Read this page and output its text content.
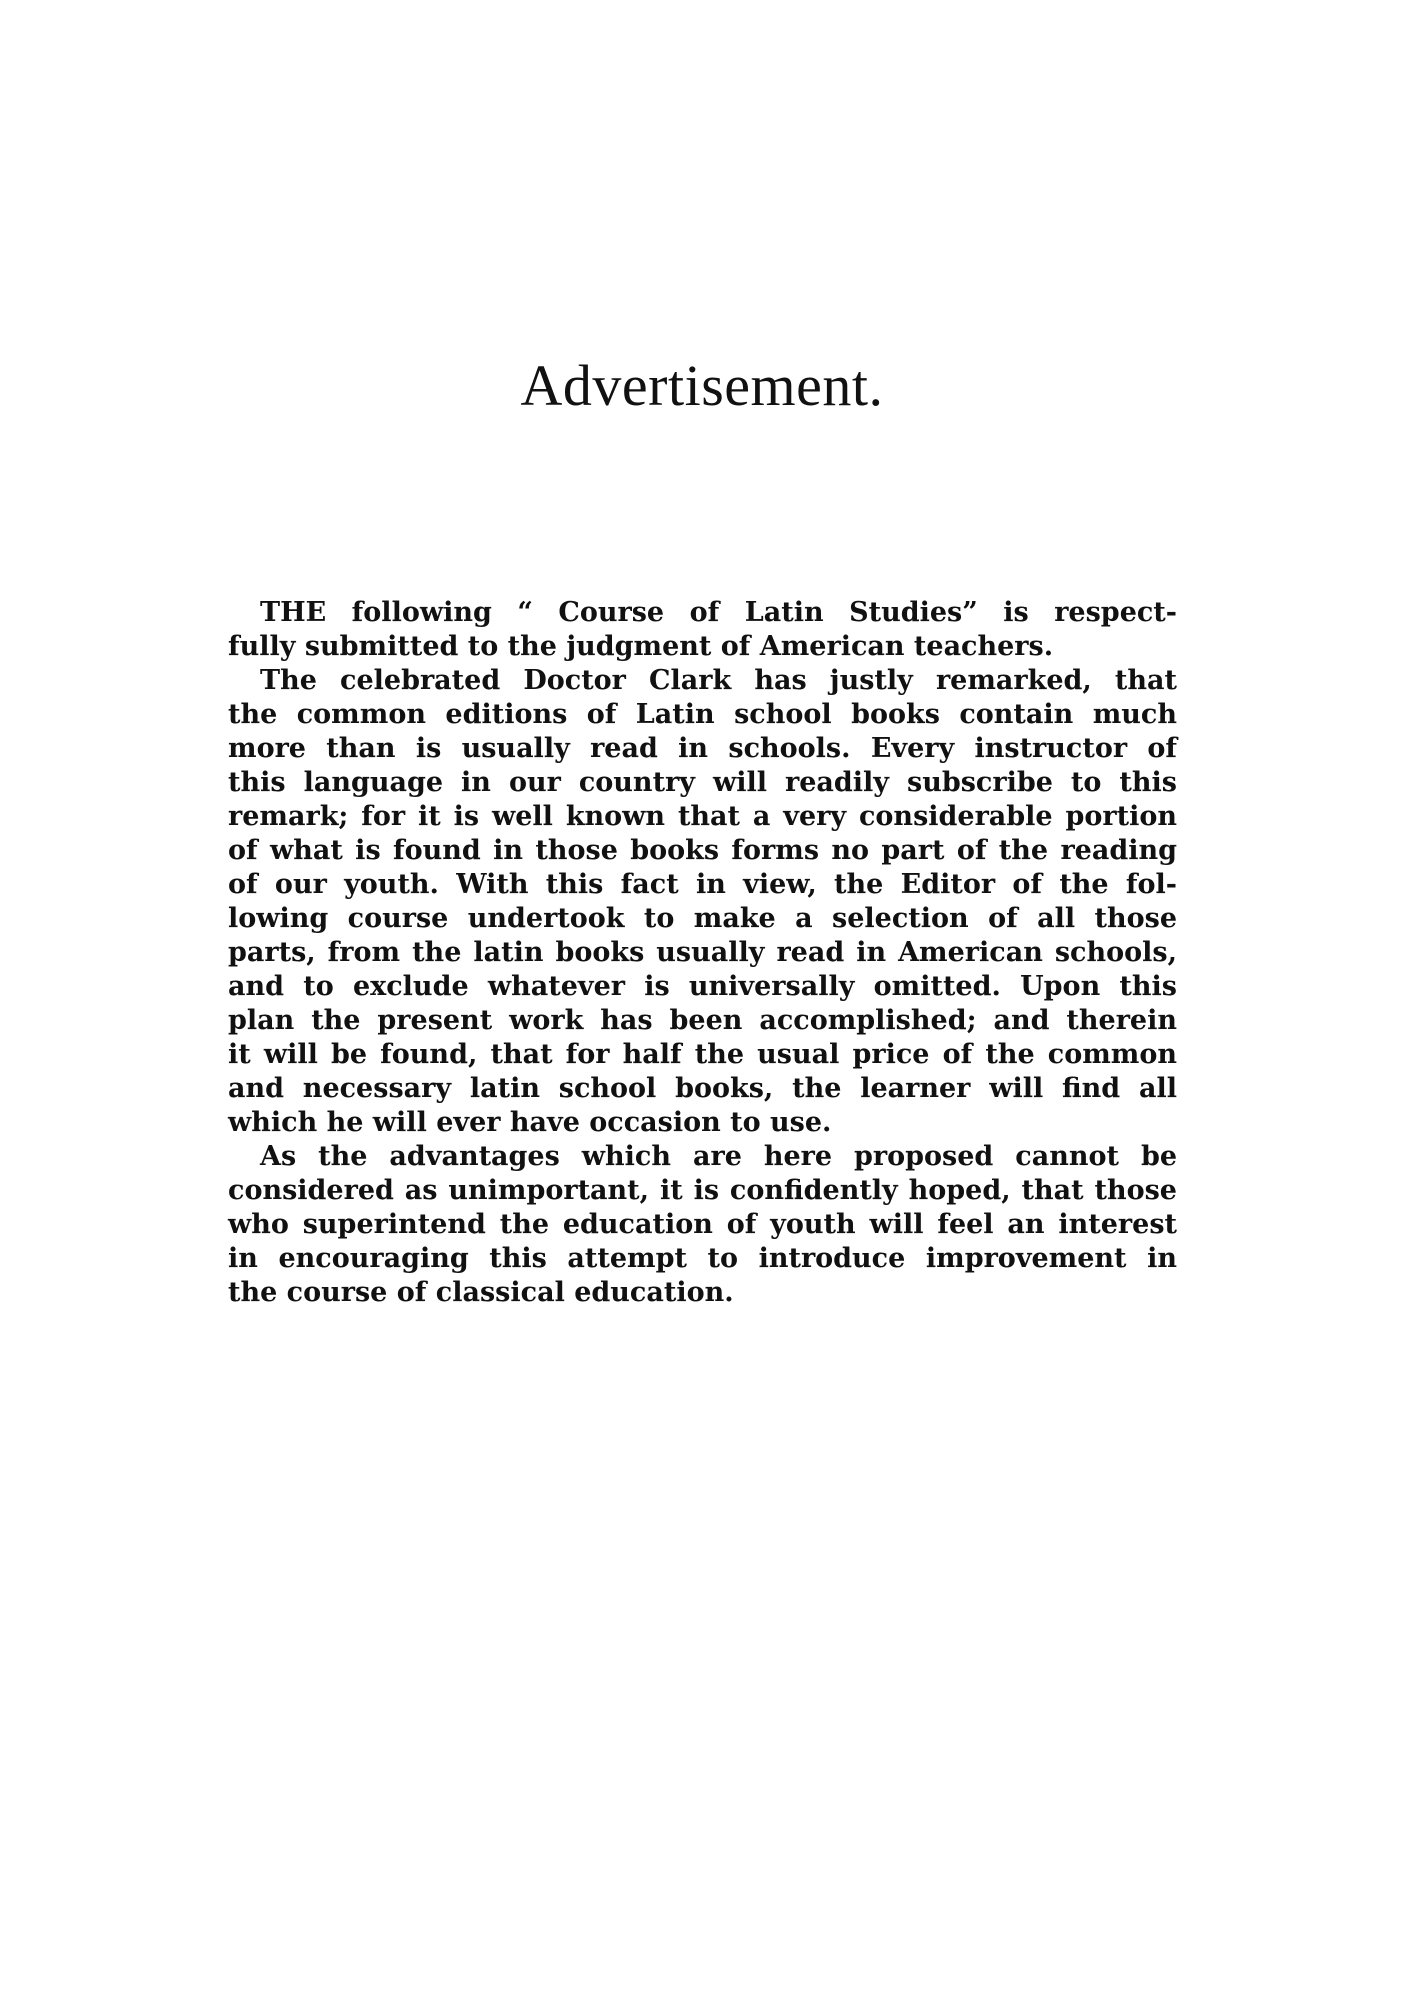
Advertisement.
THE following “ Course of Latin Studies” is respect-
fully submitted to the judgment of American teachers.
The celebrated Doctor Clark has justly remarked, that
the common editions of Latin school books contain much
more than is usually read in schools. Every instructor of
this language in our country will readily subscribe to this
remark; for it is well known that a very considerable portion
of what is found in those books forms no part of the reading
of our youth. With this fact in view, the Editor of the fol-
lowing course undertook to make a selection of all those
parts, from the latin books usually read in American schools,
and to exclude whatever is universally omitted. Upon this
plan the present work has been accomplished; and therein
it will be found, that for half the usual price of the common
and necessary latin school books, the learner will find all
which he will ever have occasion to use.
As the advantages which are here proposed cannot be
considered as unimportant, it is confidently hoped, that those
who superintend the education of youth will feel an interest
in encouraging this attempt to introduce improvement in
the course of classical education.
